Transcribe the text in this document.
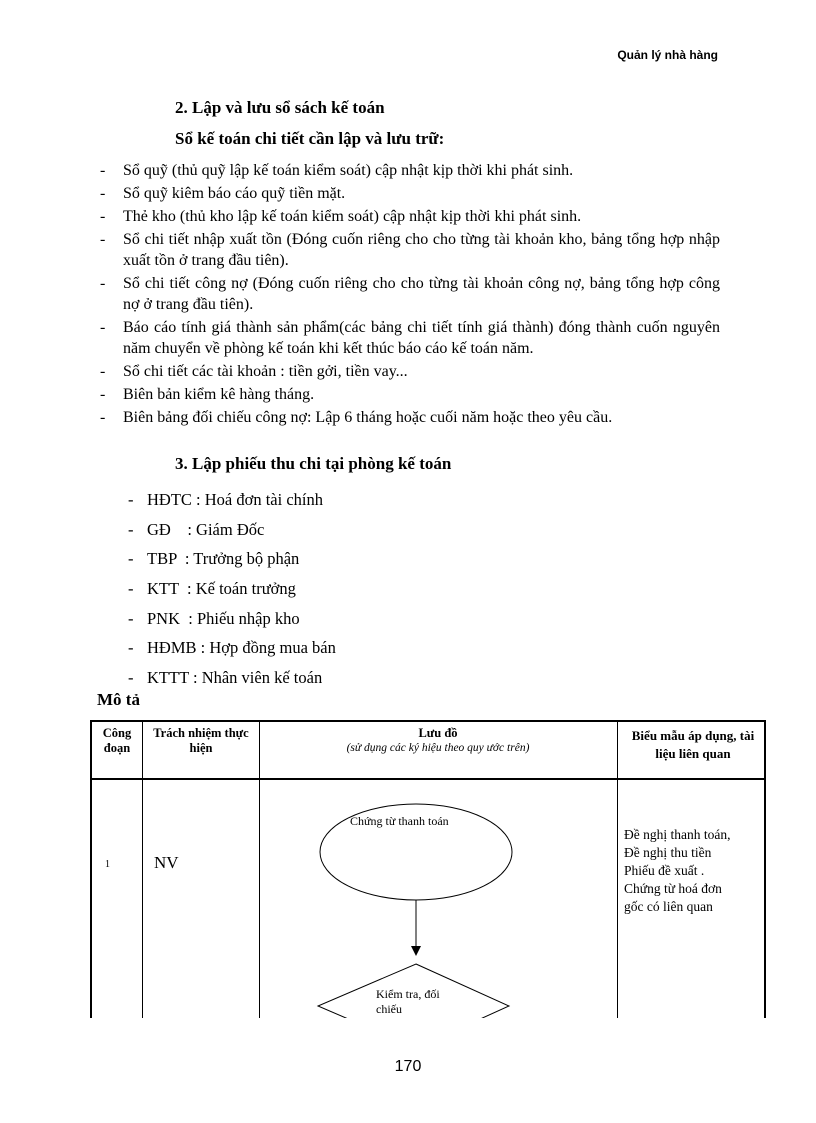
Quản lý nhà hàng
2. Lập và lưu sổ sách kế toán
Sổ kế toán chi tiết cần lập và lưu trữ:
- Sổ quỹ (thủ quỹ lập kế toán kiểm soát) cập nhật kịp thời khi phát sinh.
- Sổ quỹ kiêm báo cáo quỹ tiền mặt.
- Thẻ kho (thủ kho lập kế toán kiểm soát) cập nhật kịp thời khi phát sinh.
- Sổ chi tiết nhập xuất tồn (Đóng cuốn riêng cho cho từng tài khoản kho, bảng tổng hợp nhập xuất tồn ở trang đầu tiên).
- Sổ chi tiết công nợ (Đóng cuốn riêng cho cho từng tài khoản công nợ, bảng tổng hợp công nợ ở trang đầu tiên).
- Báo cáo tính giá thành sản phẩm(các bảng chi tiết tính giá thành) đóng thành cuốn nguyên năm chuyển về phòng kế toán khi kết thúc báo cáo kế toán năm.
- Sổ chi tiết các tài khoản : tiền gởi, tiền vay...
- Biên bản kiểm kê hàng tháng.
- Biên bảng đối chiếu công nợ: Lập 6 tháng hoặc cuối năm hoặc theo yêu cầu.
3. Lập phiếu thu chi tại phòng kế toán
- HĐTC : Hoá đơn tài chính
- GĐ    : Giám Đốc
- TBP  : Trưởng bộ phận
- KTT  : Kế toán trưởng
- PNK  : Phiếu nhập kho
- HĐMB : Hợp đồng mua bán
- KTTT : Nhân viên kế toán
Mô tả
Công đoạn
Trách nhiệm thực hiện
Lưu đồ
(sử dụng các ký hiệu theo quy ước trên)
Biểu mẫu áp dụng, tài liệu liên quan
1	NV
Chứng từ thanh toán
Kiểm tra, đối chiếu
Đề nghị thanh toán,
Đề nghị thu tiền
Phiếu đề xuất .
Chứng từ hoá đơn
gốc có liên quan
170
